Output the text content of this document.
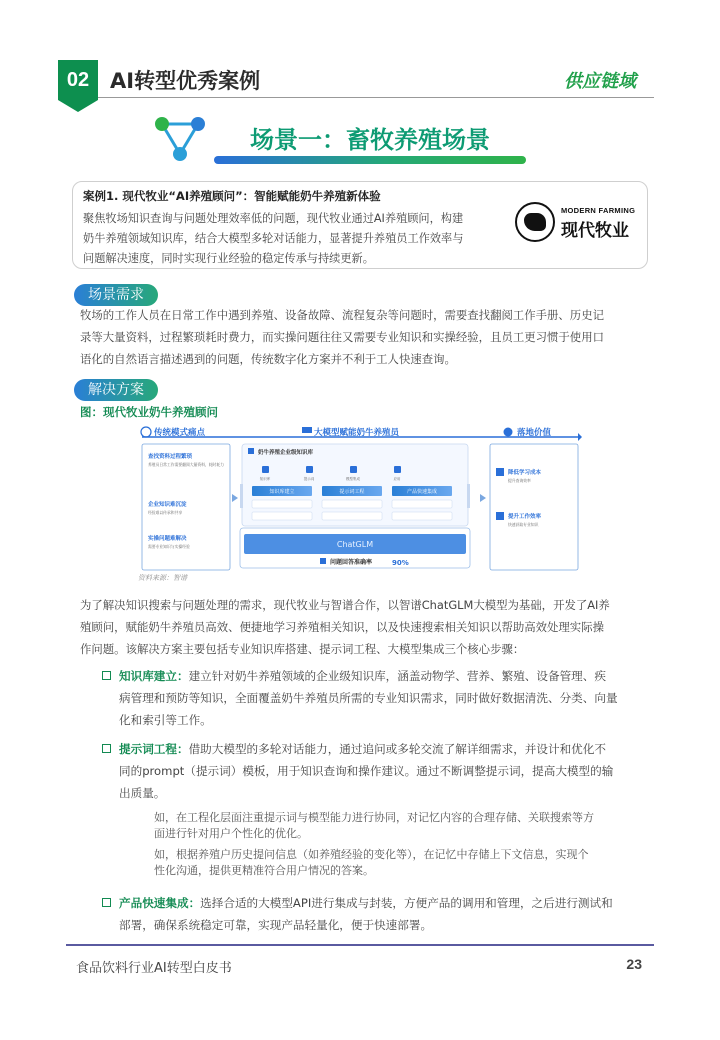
02 AI转型优秀案例	供应链域
场景一：畜牧养殖场景
案例1. 现代牧业“AI养殖顾问”：智能赋能奶牛养殖新体验
聚焦牧场知识查询与问题处理效率低的问题，现代牧业通过AI养殖顾问，构建
奶牛养殖领域知识库，结合大模型多轮对话能力，显著提升养殖员工作效率与
问题解决速度，同时实现行业经验的稳定传承与持续更新。
MODERN FARMING
现代牧业
场景需求
牧场的工作人员在日常工作中遇到养殖、设备故障、流程复杂等问题时，需要查找翻阅工作手册、历史记
录等大量资料，过程繁琐耗时费力，而实操问题往往又需要专业知识和实操经验，且员工更习惯于使用口
语化的自然语言描述遇到的问题，传统数字化方案并不利于工人快速查询。
解决方案
图：现代牧业奶牛养殖顾问
传统模式痛点	大模型赋能奶牛养殖员	落地价值
查找资料过程繁琐
养殖员日常工作需要翻阅大量资料，耗时耗力
企业知识难沉淀
经验难以传承和共享
实操问题难解决
需要专业知识与实操经验
奶牛养殖企业级知识库
知识库	提示词	模型集成	应用
知识库建立	提示词工程	产品快速集成
ChatGLM
问题回答准确率	90%
降低学习成本
提升查询效率
提升工作效率
快速获取专业知识
资料来源：智谱
为了解决知识搜索与问题处理的需求，现代牧业与智谱合作，以智谱ChatGLM大模型为基础，开发了AI养
殖顾问，赋能奶牛养殖员高效、便捷地学习养殖相关知识，以及快速搜索相关知识以帮助高效处理实际操
作问题。该解决方案主要包括专业知识库搭建、提示词工程、大模型集成三个核心步骤：
知识库建立：建立针对奶牛养殖领域的企业级知识库，涵盖动物学、营养、繁殖、设备管理、疾
病管理和预防等知识，全面覆盖奶牛养殖员所需的专业知识需求，同时做好数据清洗、分类、向量
化和索引等工作。
提示词工程：借助大模型的多轮对话能力，通过追问或多轮交流了解详细需求，并设计和优化不
同的prompt（提示词）模板，用于知识查询和操作建议。通过不断调整提示词，提高大模型的输
出质量。
如，在工程化层面注重提示词与模型能力进行协同，对记忆内容的合理存储、关联搜索等方
面进行针对用户个性化的优化。
如，根据养殖户历史提问信息（如养殖经验的变化等），在记忆中存储上下文信息，实现个
性化沟通，提供更精准符合用户情况的答案。
产品快速集成：选择合适的大模型API进行集成与封装，方便产品的调用和管理，之后进行测试和
部署，确保系统稳定可靠，实现产品轻量化，便于快速部署。
食品饮料行业AI转型白皮书	23
